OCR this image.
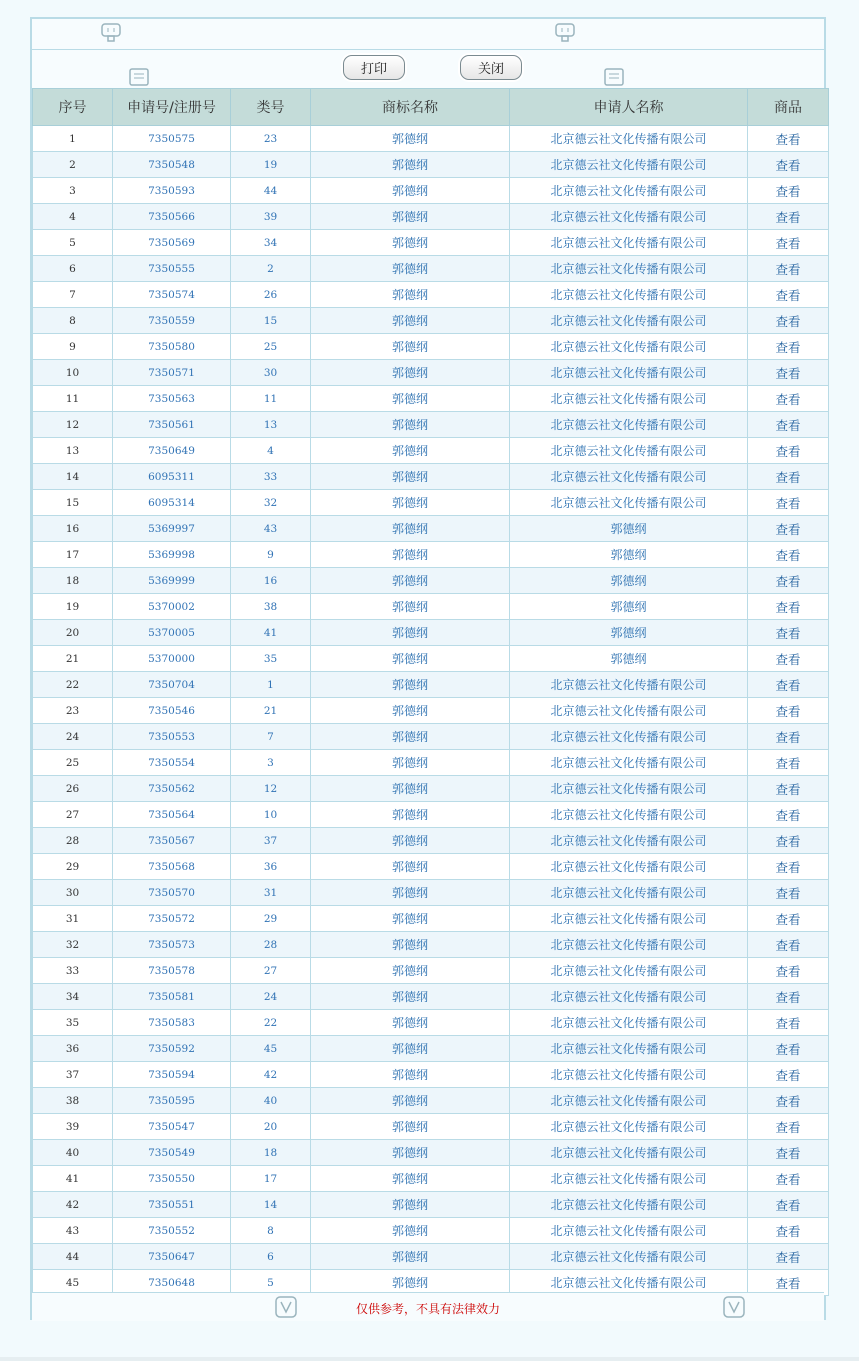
打印	关闭
序号	申请号/注册号	类号	商标名称	申请人名称	商品
1	7350575	23	郭德纲	北京德云社文化传播有限公司	查看
2	7350548	19	郭德纲	北京德云社文化传播有限公司	查看
3	7350593	44	郭德纲	北京德云社文化传播有限公司	查看
4	7350566	39	郭德纲	北京德云社文化传播有限公司	查看
5	7350569	34	郭德纲	北京德云社文化传播有限公司	查看
6	7350555	2	郭德纲	北京德云社文化传播有限公司	查看
7	7350574	26	郭德纲	北京德云社文化传播有限公司	查看
8	7350559	15	郭德纲	北京德云社文化传播有限公司	查看
9	7350580	25	郭德纲	北京德云社文化传播有限公司	查看
10	7350571	30	郭德纲	北京德云社文化传播有限公司	查看
11	7350563	11	郭德纲	北京德云社文化传播有限公司	查看
12	7350561	13	郭德纲	北京德云社文化传播有限公司	查看
13	7350649	4	郭德纲	北京德云社文化传播有限公司	查看
14	6095311	33	郭德纲	北京德云社文化传播有限公司	查看
15	6095314	32	郭德纲	北京德云社文化传播有限公司	查看
16	5369997	43	郭德纲	郭德纲	查看
17	5369998	9	郭德纲	郭德纲	查看
18	5369999	16	郭德纲	郭德纲	查看
19	5370002	38	郭德纲	郭德纲	查看
20	5370005	41	郭德纲	郭德纲	查看
21	5370000	35	郭德纲	郭德纲	查看
22	7350704	1	郭德纲	北京德云社文化传播有限公司	查看
23	7350546	21	郭德纲	北京德云社文化传播有限公司	查看
24	7350553	7	郭德纲	北京德云社文化传播有限公司	查看
25	7350554	3	郭德纲	北京德云社文化传播有限公司	查看
26	7350562	12	郭德纲	北京德云社文化传播有限公司	查看
27	7350564	10	郭德纲	北京德云社文化传播有限公司	查看
28	7350567	37	郭德纲	北京德云社文化传播有限公司	查看
29	7350568	36	郭德纲	北京德云社文化传播有限公司	查看
30	7350570	31	郭德纲	北京德云社文化传播有限公司	查看
31	7350572	29	郭德纲	北京德云社文化传播有限公司	查看
32	7350573	28	郭德纲	北京德云社文化传播有限公司	查看
33	7350578	27	郭德纲	北京德云社文化传播有限公司	查看
34	7350581	24	郭德纲	北京德云社文化传播有限公司	查看
35	7350583	22	郭德纲	北京德云社文化传播有限公司	查看
36	7350592	45	郭德纲	北京德云社文化传播有限公司	查看
37	7350594	42	郭德纲	北京德云社文化传播有限公司	查看
38	7350595	40	郭德纲	北京德云社文化传播有限公司	查看
39	7350547	20	郭德纲	北京德云社文化传播有限公司	查看
40	7350549	18	郭德纲	北京德云社文化传播有限公司	查看
41	7350550	17	郭德纲	北京德云社文化传播有限公司	查看
42	7350551	14	郭德纲	北京德云社文化传播有限公司	查看
43	7350552	8	郭德纲	北京德云社文化传播有限公司	查看
44	7350647	6	郭德纲	北京德云社文化传播有限公司	查看
45	7350648	5	郭德纲	北京德云社文化传播有限公司	查看
仅供参考，不具有法律效力
